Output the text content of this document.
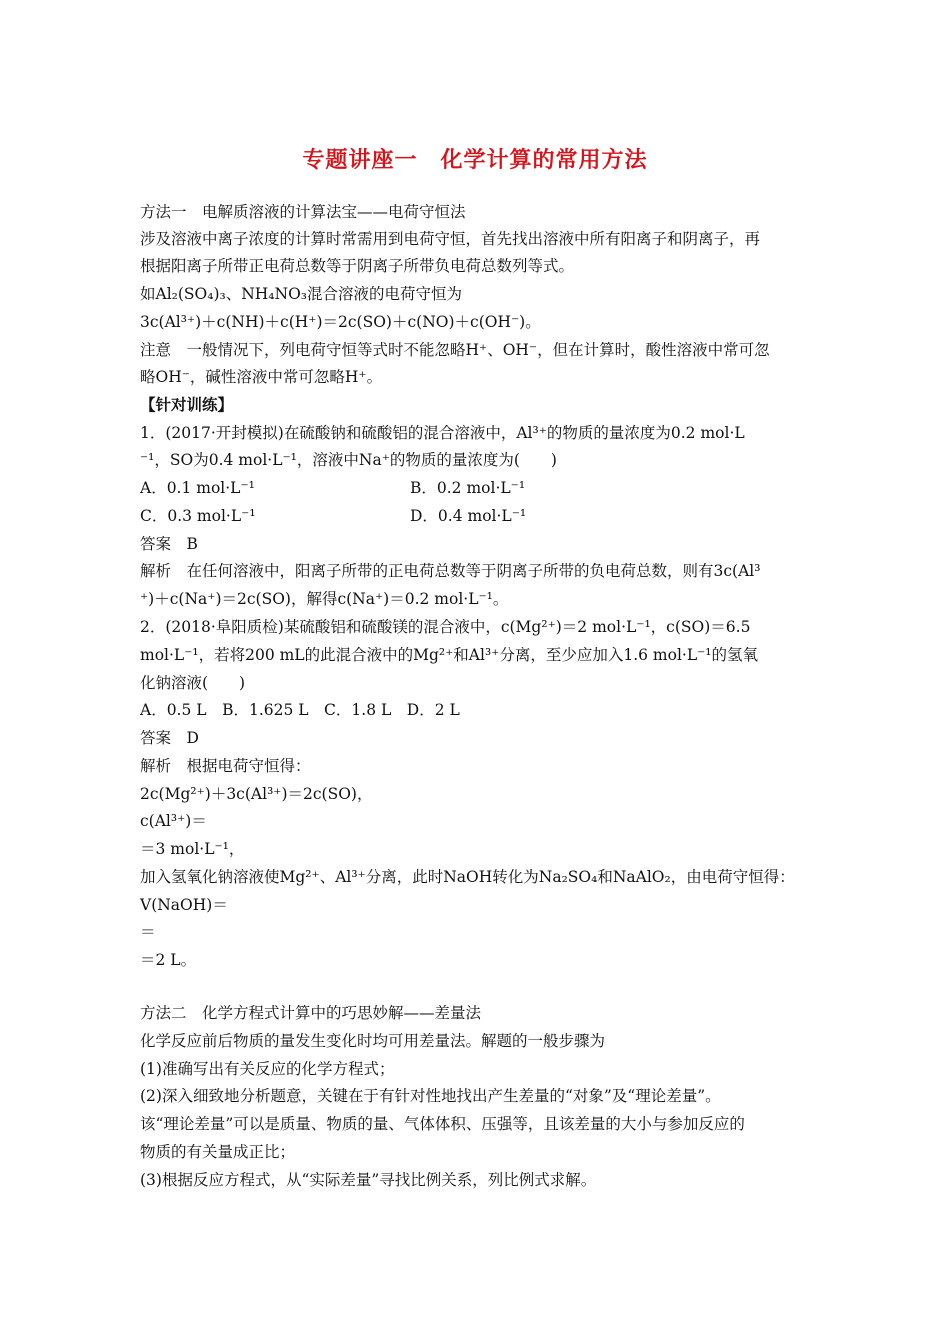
专题讲座一　化学计算的常用方法
方法一　电解质溶液的计算法宝——电荷守恒法
涉及溶液中离子浓度的计算时常需用到电荷守恒，首先找出溶液中所有阳离子和阴离子，再
根据阳离子所带正电荷总数等于阴离子所带负电荷总数列等式。
如Al₂(SO₄)₃、NH₄NO₃混合溶液的电荷守恒为
3c(Al³⁺)＋c(NH)＋c(H⁺)＝2c(SO)＋c(NO)＋c(OH⁻)。
注意　一般情况下，列电荷守恒等式时不能忽略H⁺、OH⁻，但在计算时，酸性溶液中常可忽
略OH⁻，碱性溶液中常可忽略H⁺。
【针对训练】
1．(2017·开封模拟)在硫酸钠和硫酸铝的混合溶液中，Al³⁺的物质的量浓度为0.2 mol·L
⁻¹，SO为0.4 mol·L⁻¹，溶液中Na⁺的物质的量浓度为(　　)
A．0.1 mol·L⁻¹	B．0.2 mol·L⁻¹
C．0.3 mol·L⁻¹	D．0.4 mol·L⁻¹
答案　B
解析　在任何溶液中，阳离子所带的正电荷总数等于阴离子所带的负电荷总数，则有3c(Al³
⁺)＋c(Na⁺)＝2c(SO)，解得c(Na⁺)＝0.2 mol·L⁻¹。
2．(2018·阜阳质检)某硫酸铝和硫酸镁的混合液中，c(Mg²⁺)＝2 mol·L⁻¹，c(SO)＝6.5
mol·L⁻¹，若将200 mL的此混合液中的Mg²⁺和Al³⁺分离，至少应加入1.6 mol·L⁻¹的氢氧
化钠溶液(　　)
A．0.5 L　B．1.625 L　C．1.8 L　D．2 L
答案　D
解析　根据电荷守恒得：
2c(Mg²⁺)＋3c(Al³⁺)＝2c(SO)，
c(Al³⁺)＝
＝3 mol·L⁻¹，
加入氢氧化钠溶液使Mg²⁺、Al³⁺分离，此时NaOH转化为Na₂SO₄和NaAlO₂，由电荷守恒得：
V(NaOH)＝
＝
＝2 L。
方法二　化学方程式计算中的巧思妙解——差量法
化学反应前后物质的量发生变化时均可用差量法。解题的一般步骤为
(1)准确写出有关反应的化学方程式；
(2)深入细致地分析题意，关键在于有针对性地找出产生差量的“对象”及“理论差量”。
该“理论差量”可以是质量、物质的量、气体体积、压强等，且该差量的大小与参加反应的
物质的有关量成正比；
(3)根据反应方程式，从“实际差量”寻找比例关系，列比例式求解。
